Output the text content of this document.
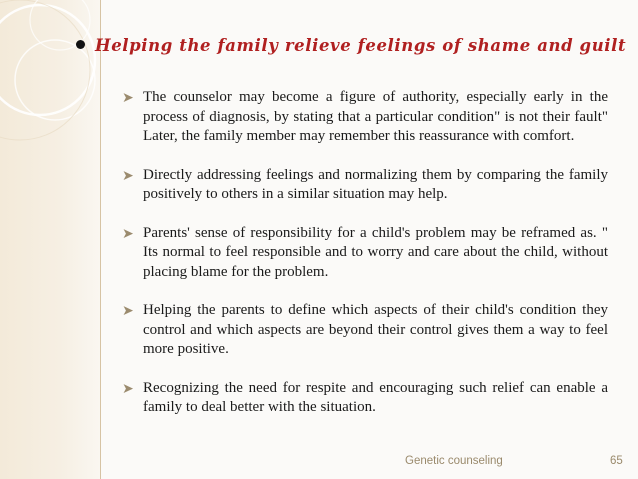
Helping the family relieve feelings of shame and guilt
➤ The counselor may become a figure of authority, especially early in the process of diagnosis, by stating that a particular condition" is not their fault" Later, the family member may remember this reassurance with comfort.
➤ Directly addressing feelings and normalizing them by comparing the family positively to others in a similar situation may help.
➤ Parents' sense of responsibility for a child's problem may be reframed as. " Its normal to feel responsible and to worry and care about the child, without placing blame for the problem.
➤ Helping the parents to define which aspects of their child's condition they control and which aspects are beyond their control gives them a way to feel more positive.
➤ Recognizing the need for respite and encouraging such relief can enable a family to deal better with the situation.
Genetic counseling	65
